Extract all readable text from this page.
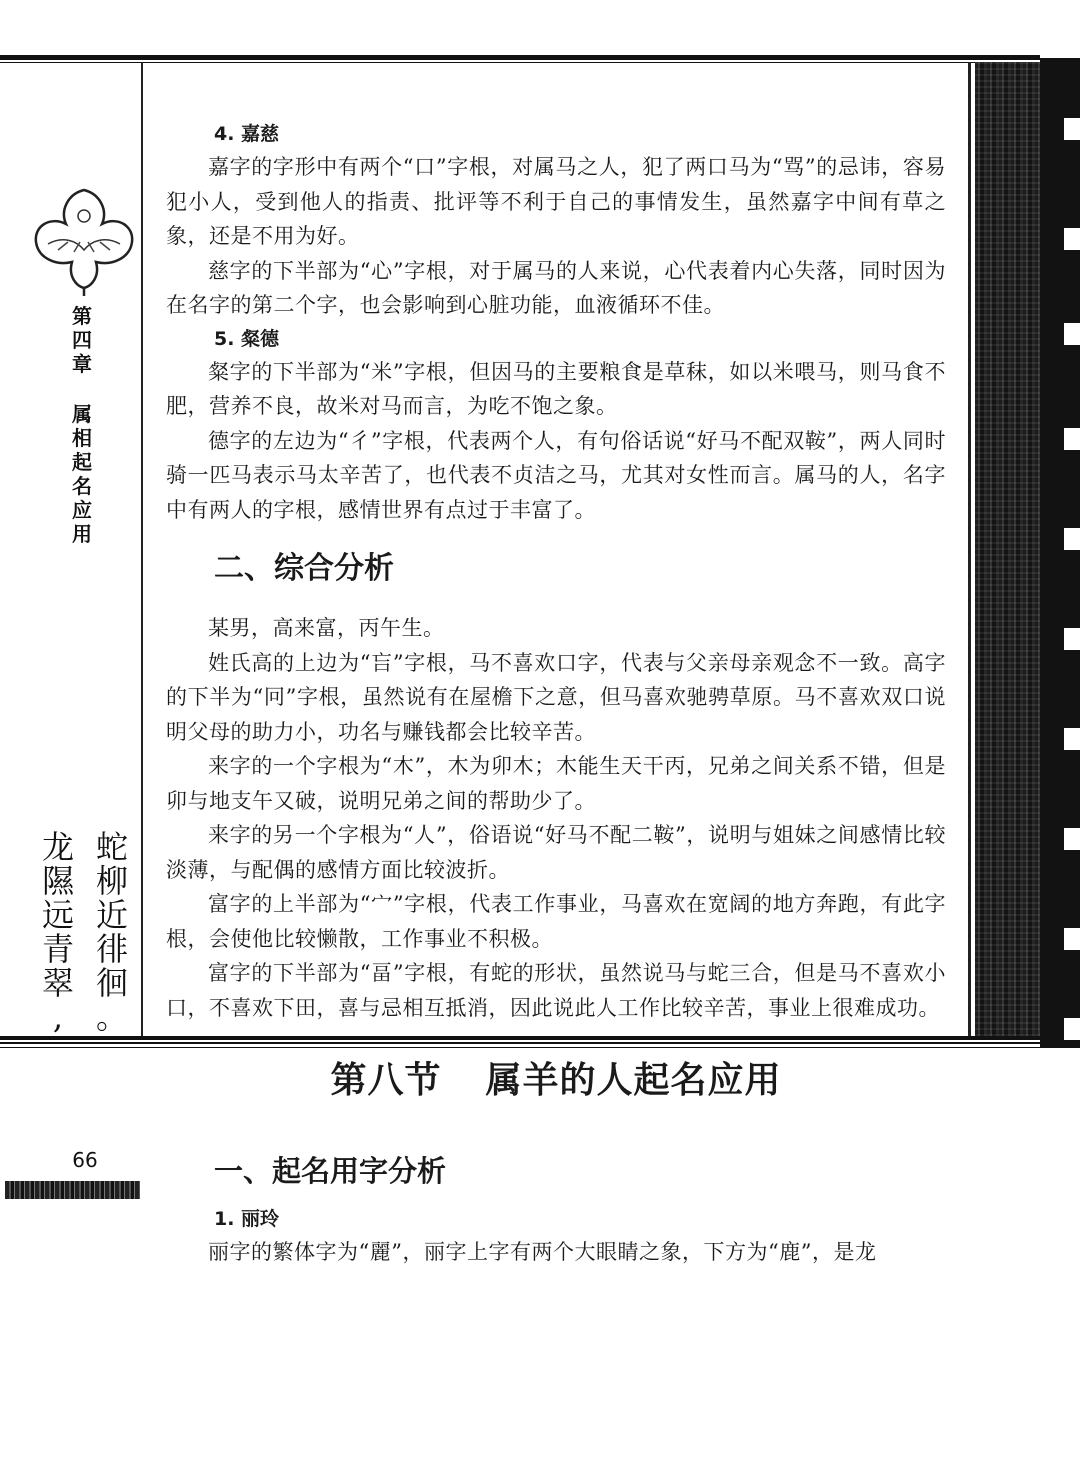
第
四
章
属
相
起
名
应
用
蛇
柳
近
徘
徊
。
龙
隰
远
青
翠
,
66
4. 嘉慈

嘉字的字形中有两个“口”字根，对属马之人，犯了两口马为“骂”的忌讳，容易犯小人，受到他人的指责、批评等不利于自己的事情发生，虽然嘉字中间有草之象，还是不用为好。

慈字的下半部为“心”字根，对于属马的人来说，心代表着内心失落，同时因为在名字的第二个字，也会影响到心脏功能，血液循环不佳。

5. 粲德

粲字的下半部为“米”字根，但因马的主要粮食是草秣，如以米喂马，则马食不肥，营养不良，故米对马而言，为吃不饱之象。

德字的左边为“彳”字根，代表两个人，有句俗话说“好马不配双鞍”，两人同时骑一匹马表示马太辛苦了，也代表不贞洁之马，尤其对女性而言。属马的人，名字中有两人的字根，感情世界有点过于丰富了。

二、综合分析

某男，高来富，丙午生。

姓氏高的上边为“吂”字根，马不喜欢口字，代表与父亲母亲观念不一致。高字的下半为“冋”字根，虽然说有在屋檐下之意，但马喜欢驰骋草原。马不喜欢双口说明父母的助力小，功名与赚钱都会比较辛苦。

来字的一个字根为“木”，木为卯木；木能生天干丙，兄弟之间关系不错，但是卯与地支午又破，说明兄弟之间的帮助少了。

来字的另一个字根为“人”，俗语说“好马不配二鞍”，说明与姐妹之间感情比较淡薄，与配偶的感情方面比较波折。

富字的上半部为“宀”字根，代表工作事业，马喜欢在宽阔的地方奔跑，有此字根，会使他比较懒散，工作事业不积极。

富字的下半部为“畐”字根，有蛇的形状，虽然说马与蛇三合，但是马不喜欢小口，不喜欢下田，喜与忌相互抵消，因此说此人工作比较辛苦，事业上很难成功。

第八节 属羊的人起名应用
一、起名用字分析
1. 丽玲

丽字的繁体字为“麗”，丽字上字有两个大眼睛之象，下方为“鹿”，是龙
